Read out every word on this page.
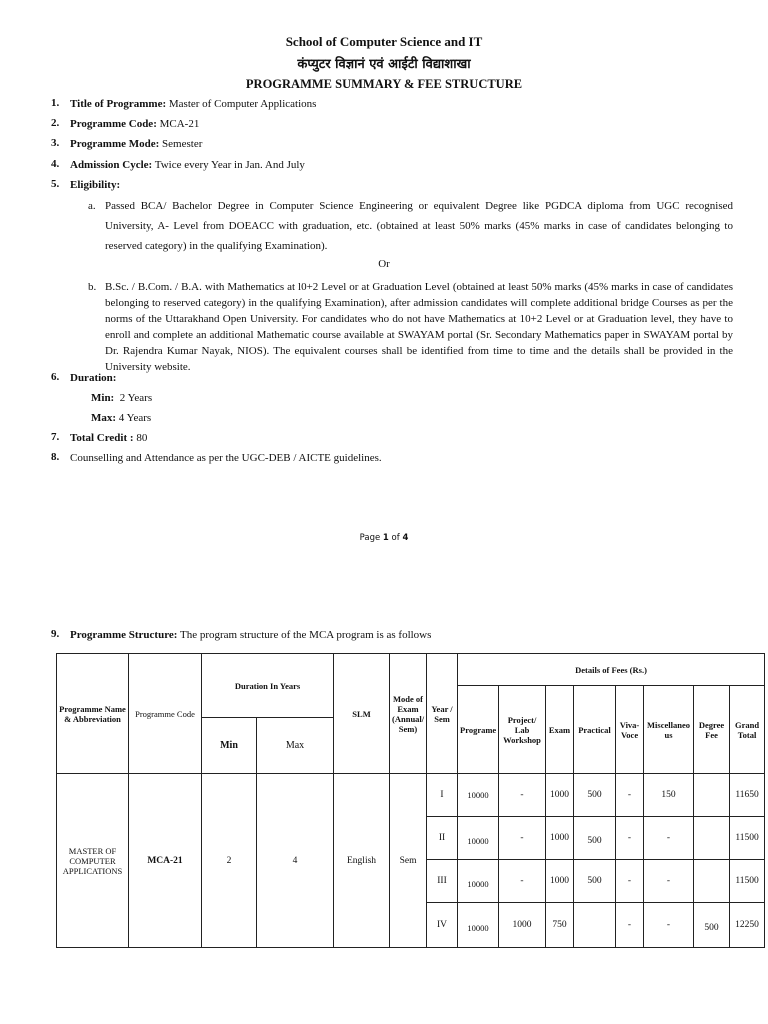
School of Computer Science and IT
कंप्युटर विज्ञानं एवं आईटी विद्याशाखा
PROGRAMME SUMMARY & FEE STRUCTURE
1. Title of Programme: Master of Computer Applications
2. Programme Code: MCA-21
3. Programme Mode: Semester
4. Admission Cycle: Twice every Year in Jan. And July
5. Eligibility:
a. Passed BCA/ Bachelor Degree in Computer Science Engineering or equivalent Degree like PGDCA diploma from UGC recognised University, A- Level from DOEACC with graduation, etc. (obtained at least 50% marks (45% marks in case of candidates belonging to reserved category) in the qualifying Examination).
Or
b. B.Sc. / B.Com. / B.A. with Mathematics at l0+2 Level or at Graduation Level (obtained at least 50% marks (45% marks in case of candidates belonging to reserved category) in the qualifying Examination), after admission candidates will complete additional bridge Courses as per the norms of the Uttarakhand Open University. For candidates who do not have Mathematics at 10+2 Level or at Graduation level, they have to enroll and complete an additional Mathematic course available at SWAYAM portal (Sr. Secondary Mathematics paper in SWAYAM portal by Dr. Rajendra Kumar Nayak, NIOS). The equivalent courses shall be identified from time to time and the details shall be provided in the University website.
6. Duration:
Min: 2 Years
Max: 4 Years
7. Total Credit : 80
8. Counselling and Attendance as per the UGC-DEB / AICTE guidelines.
Page 1 of 4
9. Programme Structure: The program structure of the MCA program is as follows
Programme Name & Abbreviation	Programme Code	Duration In Years		SLM	Mode of Exam (Annual/ Sem)	Year / Sem	Details of Fees (Rs.)							
							Programe	Project/ Lab Workshop	Exam	Practical	Viva-Voce	Miscellaneous	Degree Fee	Grand Total
		Min	Max											
MASTER OF COMPUTER APPLICATIONS	MCA-21	2	4	English	Sem	I	10000	-	1000	500	-	150		11650
						II	10000	-	1000	500	-	-		11500
						III	10000	-	1000	500	-	-		11500
						IV	10000	1000	750		-	-	500	12250
